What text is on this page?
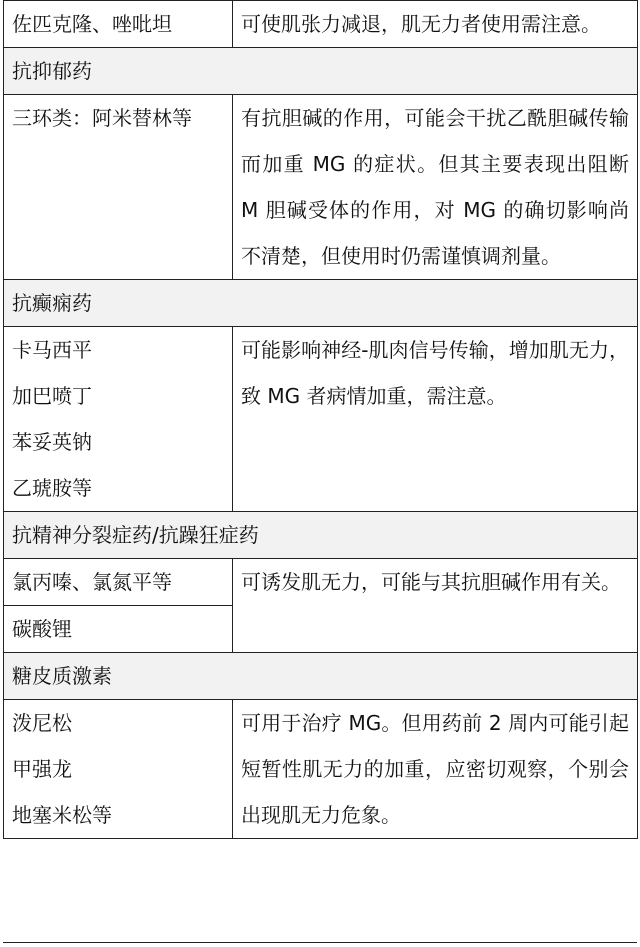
佐匹克隆、唑吡坦	可使肌张力减退，肌无力者使用需注意。

抗抑郁药	
三环类：阿米替林等	有抗胆碱的作用，可能会干扰乙酰胆碱传输而加重 MG 的症状。但其主要表现出阻断 M 胆碱受体的作用，对 MG 的确切影响尚不清楚，但使用时仍需谨慎调剂量。

抗癫痫药	

卡马西平
加巴喷丁
苯妥英钠
乙琥胺等	可能影响神经-肌肉信号传输，增加肌无力，致 MG 者病情加重，需注意。

抗精神分裂症药/抗躁狂症药	
氯丙嗪、氯氮平等	可诱发肌无力，可能与其抗胆碱作用有关。

碳酸锂	
糖皮质激素	

泼尼松
甲强龙
地塞米松等	可用于治疗 MG。但用药前 2 周内可能引起短暂性肌无力的加重，应密切观察，个别会出现肌无力危象。
